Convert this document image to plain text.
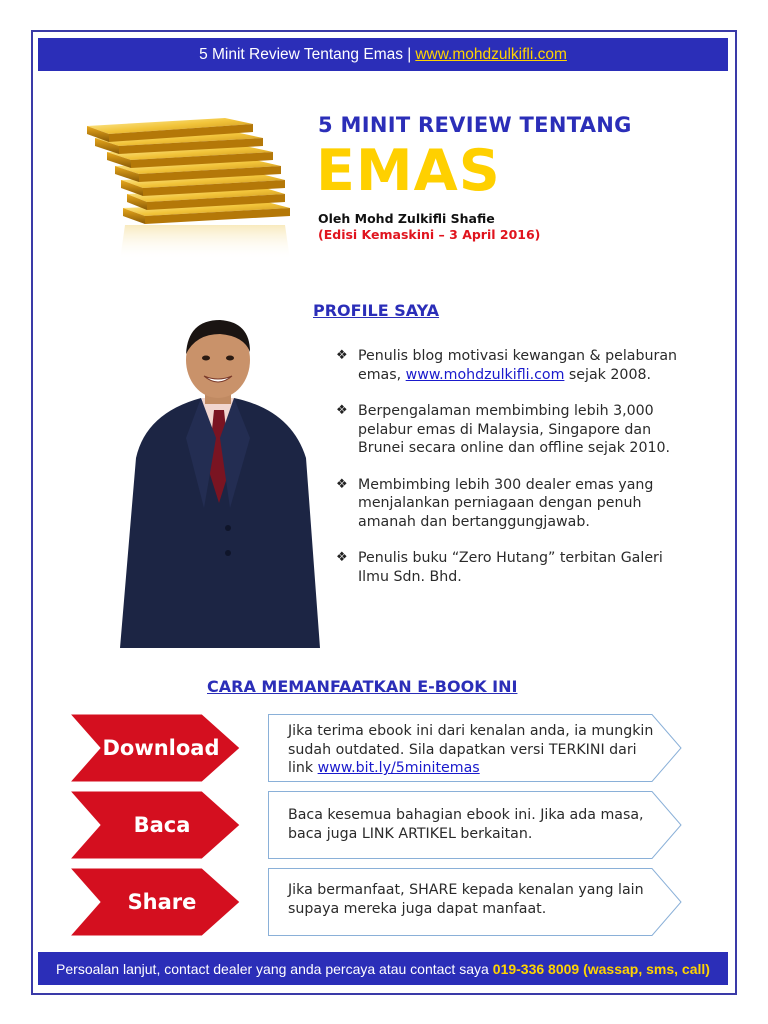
5 Minit Review Tentang Emas | www.mohdzulkifli.com
5 MINIT REVIEW TENTANG
EMAS
Oleh Mohd Zulkifli Shafie
(Edisi Kemaskini – 3 April 2016)
PROFILE SAYA
❖ Penulis blog motivasi kewangan & pelaburan emas, www.mohdzulkifli.com sejak 2008.
❖ Berpengalaman membimbing lebih 3,000 pelabur emas di Malaysia, Singapore dan Brunei secara online dan offline sejak 2010.
❖ Membimbing lebih 300 dealer emas yang menjalankan perniagaan dengan penuh amanah dan bertanggungjawab.
❖ Penulis buku “Zero Hutang” terbitan Galeri Ilmu Sdn. Bhd.
CARA MEMANFAATKAN E-BOOK INI
Download
Jika terima ebook ini dari kenalan anda, ia mungkin sudah outdated. Sila dapatkan versi TERKINI dari link www.bit.ly/5minitemas
Baca	Baca kesemua bahagian ebook ini. Jika ada masa, baca juga LINK ARTIKEL berkaitan.
Share	Jika bermanfaat, SHARE kepada kenalan yang lain supaya mereka juga dapat manfaat.
Persoalan lanjut, contact dealer yang anda percaya atau contact saya 019-336 8009 (wassap, sms, call)
